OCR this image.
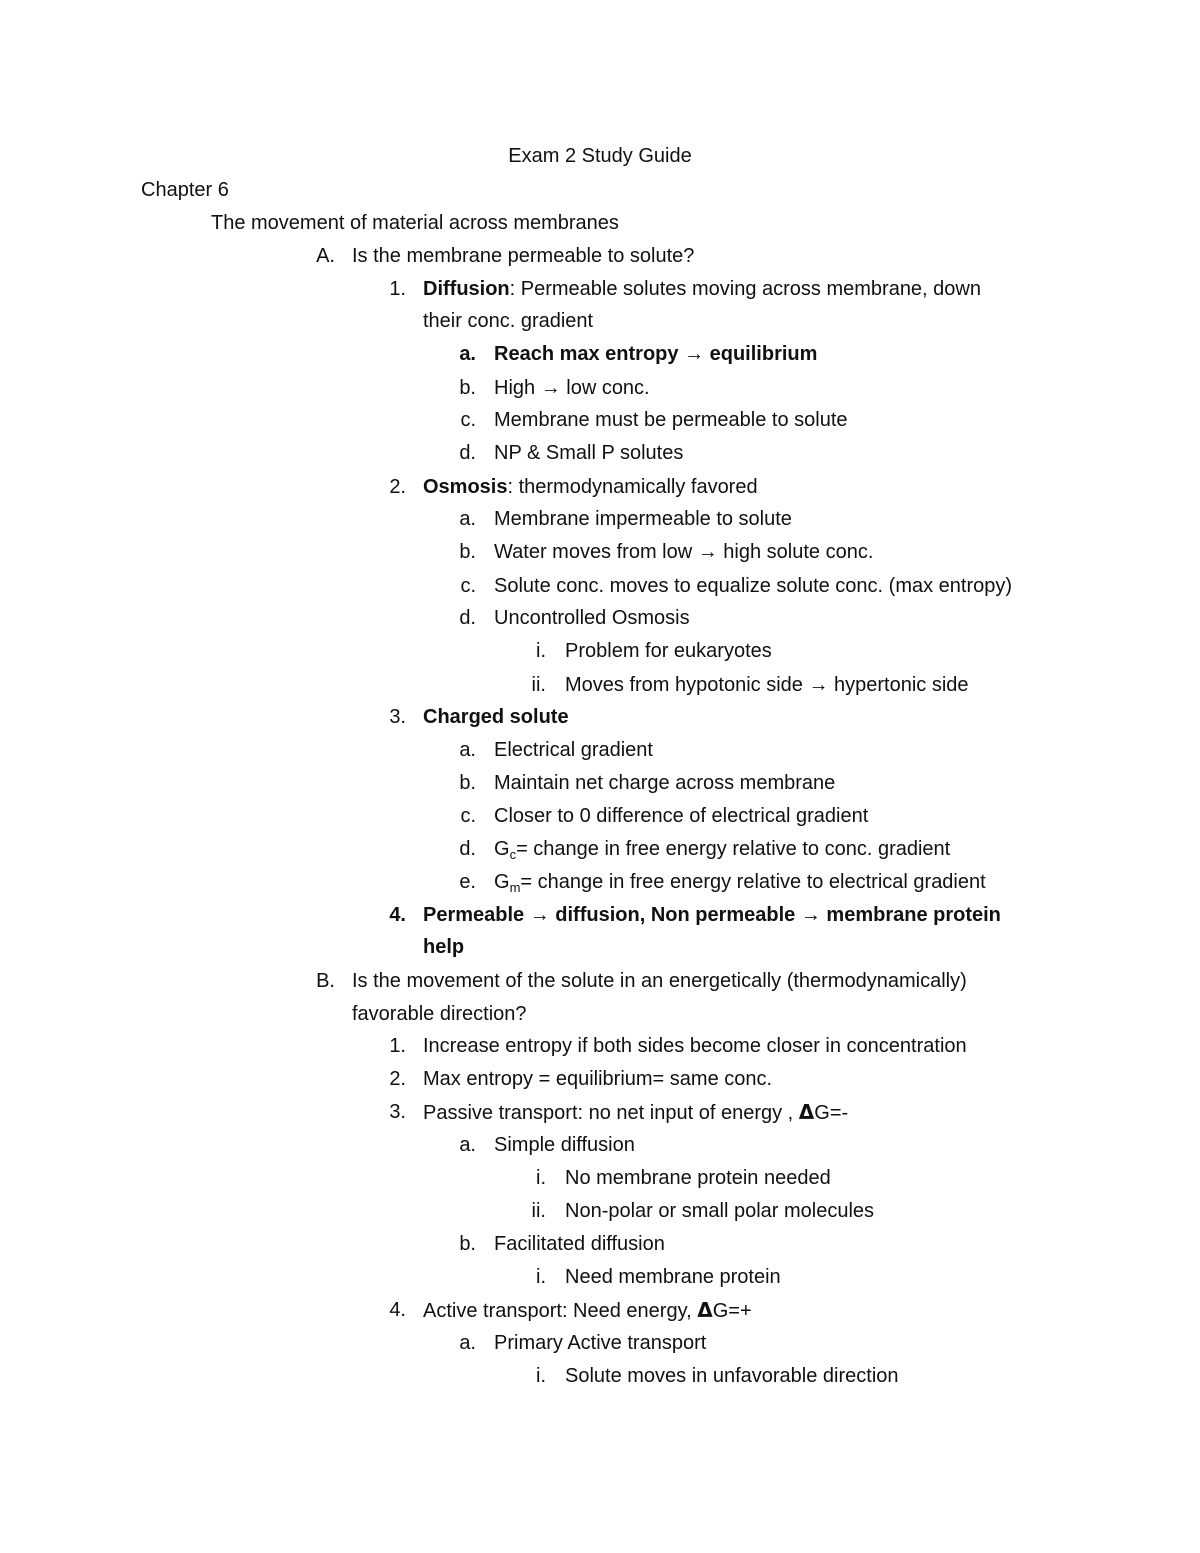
Exam 2 Study Guide
Chapter 6
The movement of material across membranes
A. Is the membrane permeable to solute?
1. Diffusion: Permeable solutes moving across membrane, down
their conc. gradient
a. Reach max entropy → equilibrium
b. High → low conc.
c. Membrane must be permeable to solute
d. NP & Small P solutes
2. Osmosis: thermodynamically favored
a. Membrane impermeable to solute
b. Water moves from low → high solute conc.
c. Solute conc. moves to equalize solute conc. (max entropy)
d. Uncontrolled Osmosis
i. Problem for eukaryotes
ii. Moves from hypotonic side → hypertonic side
3. Charged solute
a. Electrical gradient
b. Maintain net charge across membrane
c. Closer to 0 difference of electrical gradient
d. $G_c=$ change in free energy relative to conc. gradient
e. $G_m=$ change in free energy relative to electrical gradient
4. Permeable → diffusion, Non permeable → membrane protein
help
B. Is the movement of the solute in an energetically (thermodynamically)
favorable direction?
1. Increase entropy if both sides become closer in concentration
2. Max entropy = equilibrium= same conc.
3. Passive transport: no net input of energy , ΔG=-
a. Simple diffusion
i. No membrane protein needed
ii. Non-polar or small polar molecules
b. Facilitated diffusion
i. Need membrane protein
4. Active transport: Need energy, ΔG=+
a. Primary Active transport
i. Solute moves in unfavorable direction
